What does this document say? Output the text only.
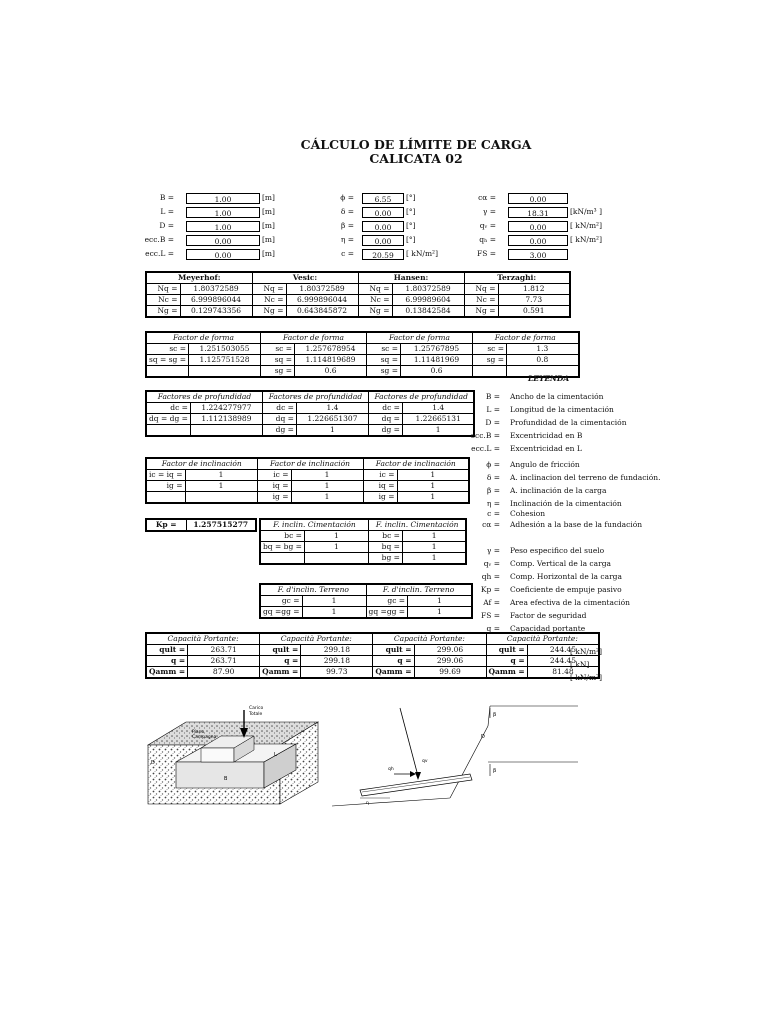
CÁLCULO DE LÍMITE DE CARGA
CALICATA 02
B =	1.00	[m]
L =	1.00	[m]
D =	1.00	[m]
ecc.B =	0.00	[m]
ecc.L =	0.00	[m]
ϕ =	6.55	[°]
δ =	0.00	[°]
β =	0.00	[°]
η =	0.00	[°]
c =	20.59	[ kN/m²]
cα =	0.00
γ =	18.31	[kN/m³ ]
qᵥ =	0.00	[ kN/m²]
qₕ =	0.00	[ kN/m²]
FS =	3.00
Meyerhof:		Vesic:		Hansen:		Terzaghi:	
Nq =	1.80372589	Nq =	1.80372589	Nq =	1.80372589	Nq =	1.812
Nc =	6.999896044	Nc =	6.999896044	Nc =	6.99989604	Nc =	7.73
Ng =	0.129743356	Ng =	0.643845872	Ng =	0.13842584	Ng =	0.591
Factor de forma		Factor de forma		Factor de forma		Factor de forma	
sc =	1.251503055	sc =	1.257678954	sc =	1.25767895	sc =	1.3
sq = sg =	1.125751528	sq =	1.114819689	sq =	1.11481969	sg =	0.8
		sg =	0.6	sg =	0.6		
LEYENDA
Factores de profundidad		Factores de profundidad		Factores de profundidad	
dc =	1.224277977	dc =	1.4	dc =	1.4
dq = dg =	1.112138989	dq =	1.226651307	dq =	1.22665131
		dg =	1	dg =	1
Factor de inclinación		Factor de inclinación		Factor de inclinación	
ic = iq =	1	ic =	1	ic =	1
ig =	1	iq =	1	iq =	1
		ig =	1	ig =	1
Kp =	1.257515277	F. inclin. Cimentación		F. inclin. Cimentación	
bc =	1	bc =	1
bq = bg =	1	bq =	1
		bg =	1
F. d'inclin. Terreno		F. d'inclin. Terreno	
gc =	1	gc =	1
gq =gg =	1	gq =gg =	1
Capacità Portante:		Capacità Portante:		Capacità Portante:		Capacità Portante:	
qult =	263.71	qult =	299.18	qult =	299.06	qult =	244.45
q =	263.71	q =	299.18	q =	299.06	q =	244.45
Qamm =	87.90	Qamm =	99.73	Qamm =	99.69	Qamm =	81.48
[ kN/m²]
[ kN]
[ kN/m²]
B = Ancho de la cimentación
L = Longitud de la cimentación
D = Profundidad de la cimentación
ecc.B = Excentricidad en B
ecc.L = Excentricidad en L
ϕ = Angulo de fricción
δ = A. inclinacion del terreno de fundación.
β = A. inclinación de la carga
η = Inclinación de la cimentación
c = Cohesion
cα = Adhesión a la base de la fundación
γ = Peso especifico del suelo
qᵥ = Comp. Vertical de la carga
qh = Comp. Horizontal de la carga
Kp = Coeficiente de empuje pasivo
Af = Area efectiva de la cimentación
FS = Factor de seguridad
q = Capacidad portante
Carico
Totale
Piano
Campagna
D
B
L
β
β
D
qv
qh
η
